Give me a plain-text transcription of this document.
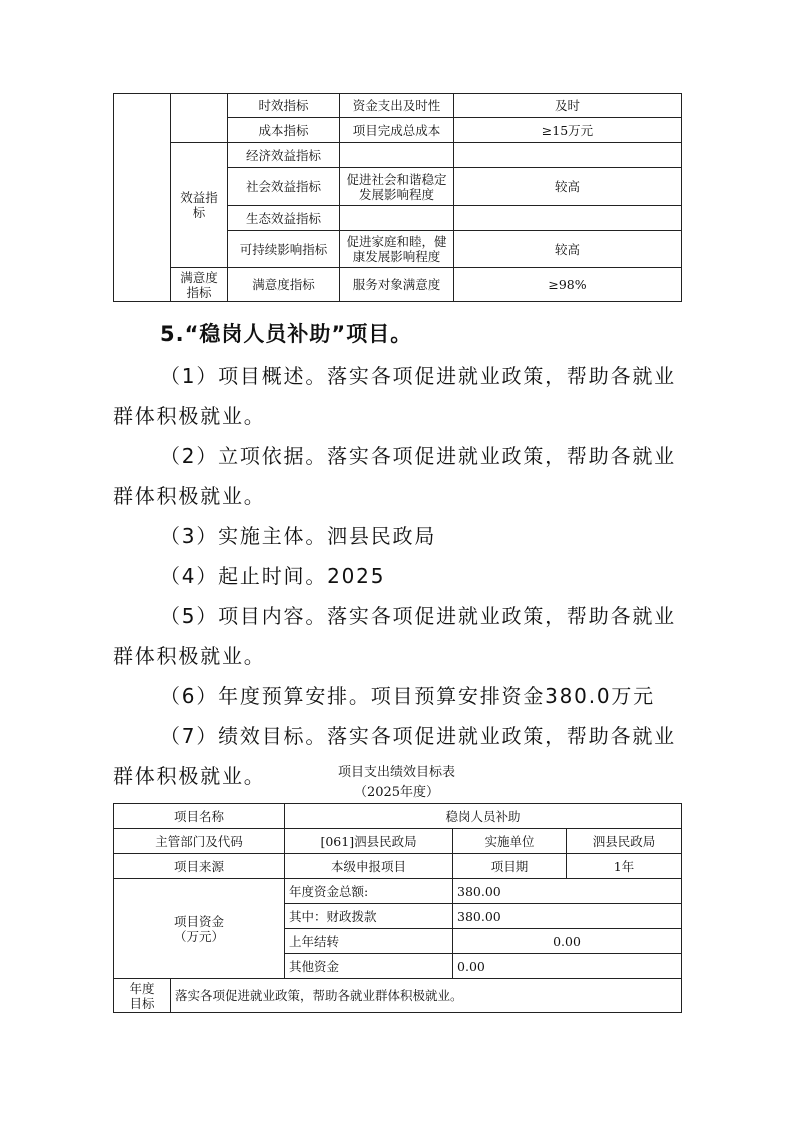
		时效指标	资金支出及时性	及时
		成本指标	项目完成总成本	≥15万元
	效益指标	经济效益指标		
		社会效益指标	促进社会和谐稳定发展影响程度	较高
		生态效益指标		
		可持续影响指标	促进家庭和睦，健康发展影响程度	较高
	满意度指标	满意度指标	服务对象满意度	≥98%
5.“稳岗人员补助”项目。
（1）项目概述。落实各项促进就业政策，帮助各就业群体积极就业。
（2）立项依据。落实各项促进就业政策，帮助各就业群体积极就业。
（3）实施主体。泗县民政局
（4）起止时间。2025
（5）项目内容。落实各项促进就业政策，帮助各就业群体积极就业。
（6）年度预算安排。项目预算安排资金380.0万元
（7）绩效目标。落实各项促进就业政策，帮助各就业群体积极就业。	项目支出绩效目标表
（2025年度）
项目名称		稳岗人员补助		
主管部门及代码		[061]泗县民政局	实施单位	泗县民政局
项目来源		本级申报项目	项目期	1年

项目资金（万元）		年度资金总额:	380.00	
		其中：财政拨款	380.00	
		上年结转	0.00	
		其他资金	0.00	

年度目标	落实各项促进就业政策，帮助各就业群体积极就业。			
